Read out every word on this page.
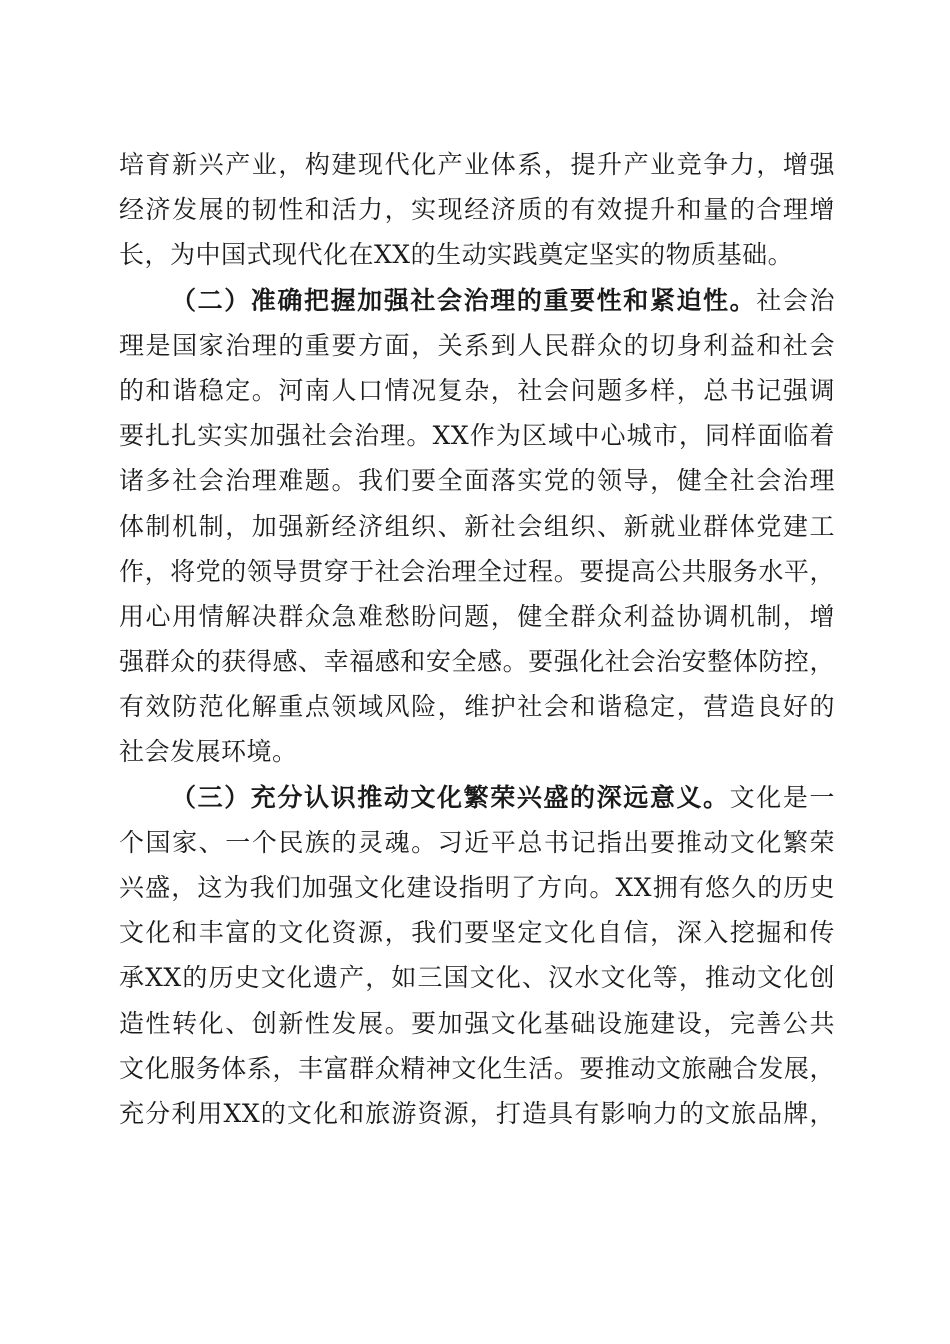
培育新兴产业，构建现代化产业体系，提升产业竞争力，增强
经济发展的韧性和活力，实现经济质的有效提升和量的合理增
长，为中国式现代化在XX的生动实践奠定坚实的物质基础。
（二）准确把握加强社会治理的重要性和紧迫性。社会治
理是国家治理的重要方面，关系到人民群众的切身利益和社会
的和谐稳定。河南人口情况复杂，社会问题多样，总书记强调
要扎扎实实加强社会治理。XX作为区域中心城市，同样面临着
诸多社会治理难题。我们要全面落实党的领导，健全社会治理
体制机制，加强新经济组织、新社会组织、新就业群体党建工
作，将党的领导贯穿于社会治理全过程。要提高公共服务水平，
用心用情解决群众急难愁盼问题，健全群众利益协调机制，增
强群众的获得感、幸福感和安全感。要强化社会治安整体防控，
有效防范化解重点领域风险，维护社会和谐稳定，营造良好的
社会发展环境。
（三）充分认识推动文化繁荣兴盛的深远意义。文化是一
个国家、一个民族的灵魂。习近平总书记指出要推动文化繁荣
兴盛，这为我们加强文化建设指明了方向。XX拥有悠久的历史
文化和丰富的文化资源，我们要坚定文化自信，深入挖掘和传
承XX的历史文化遗产，如三国文化、汉水文化等，推动文化创
造性转化、创新性发展。要加强文化基础设施建设，完善公共
文化服务体系，丰富群众精神文化生活。要推动文旅融合发展，
充分利用XX的文化和旅游资源，打造具有影响力的文旅品牌，
